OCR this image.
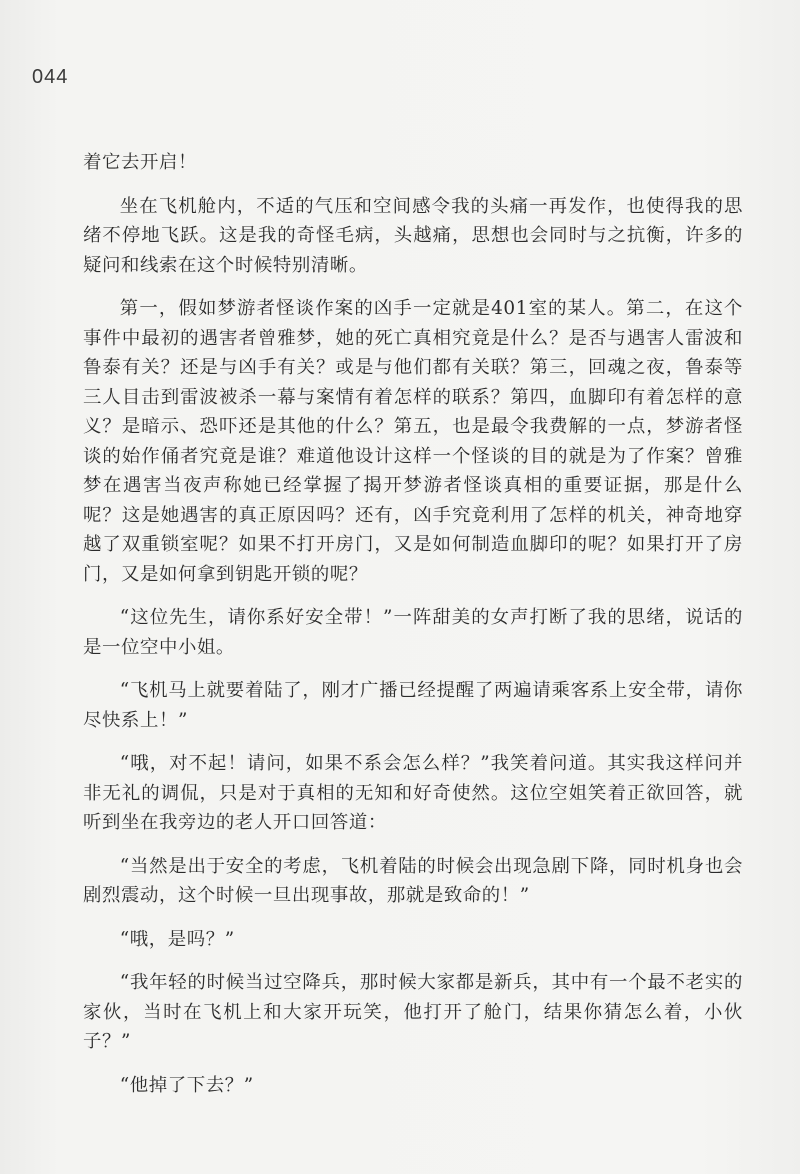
044

着它去开启！

坐在飞机舱内，不适的气压和空间感令我的头痛一再发作，也使得我的思绪不停地飞跃。这是我的奇怪毛病，头越痛，思想也会同时与之抗衡，许多的疑问和线索在这个时候特别清晰。

第一，假如梦游者怪谈作案的凶手一定就是401室的某人。第二，在这个事件中最初的遇害者曾雅梦，她的死亡真相究竟是什么？是否与遇害人雷波和鲁泰有关？还是与凶手有关？或是与他们都有关联？第三，回魂之夜，鲁泰等三人目击到雷波被杀一幕与案情有着怎样的联系？第四，血脚印有着怎样的意义？是暗示、恐吓还是其他的什么？第五，也是最令我费解的一点，梦游者怪谈的始作俑者究竟是谁？难道他设计这样一个怪谈的目的就是为了作案？曾雅梦在遇害当夜声称她已经掌握了揭开梦游者怪谈真相的重要证据，那是什么呢？这是她遇害的真正原因吗？还有，凶手究竟利用了怎样的机关，神奇地穿越了双重锁室呢？如果不打开房门，又是如何制造血脚印的呢？如果打开了房门，又是如何拿到钥匙开锁的呢？

“这位先生，请你系好安全带！”一阵甜美的女声打断了我的思绪，说话的是一位空中小姐。

“飞机马上就要着陆了，刚才广播已经提醒了两遍请乘客系上安全带，请你尽快系上！”

“哦，对不起！请问，如果不系会怎么样？”我笑着问道。其实我这样问并非无礼的调侃，只是对于真相的无知和好奇使然。这位空姐笑着正欲回答，就听到坐在我旁边的老人开口回答道：

“当然是出于安全的考虑，飞机着陆的时候会出现急剧下降，同时机身也会剧烈震动，这个时候一旦出现事故，那就是致命的！”

“哦，是吗？”

“我年轻的时候当过空降兵，那时候大家都是新兵，其中有一个最不老实的家伙，当时在飞机上和大家开玩笑，他打开了舱门，结果你猜怎么着，小伙子？”

“他掉了下去？”
